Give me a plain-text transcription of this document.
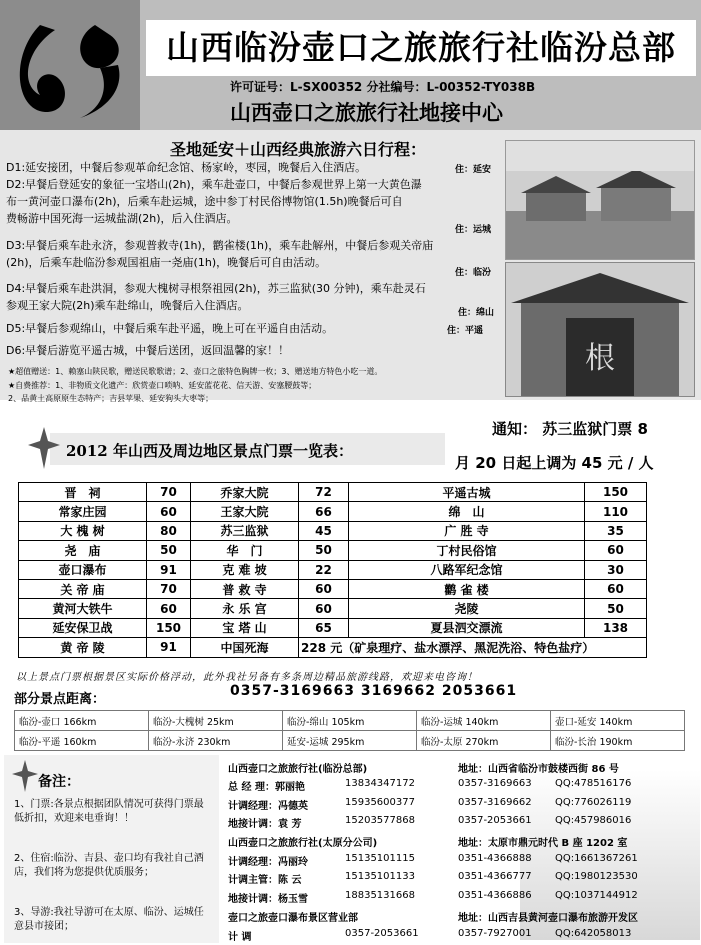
山西临汾壶口之旅旅行社临汾总部
许可证号：L-SX00352 分社编号：L-00352-TY038B
山西壶口之旅旅行社地接中心
圣地延安＋山西经典旅游六日行程：
D1:延安接团，中餐后参观革命纪念馆、杨家岭，枣园，晚餐后入住酒店。
D2:早餐后登延安的象征一宝塔山(2h)，乘车赴壶口，中餐后参观世界上第一大黄色瀑
布一黄河壶口瀑布(2h)，后乘车赴运城，途中参丁村民俗博物馆(1.5h)晚餐后可自
费畅游中国死海一运城盐湖(2h)，后入住酒店。
D3:早餐后乘车赴永济，参观普救寺(1h)，鹳雀楼(1h)，乘车赴解州，中餐后参观关帝庙
(2h)，后乘车赴临汾参观国祖庙一尧庙(1h)，晚餐后可自由活动。
D4:早餐后乘车赴洪洞，参观大槐树寻根祭祖园(2h)，苏三监狱(30 分钟)，乘车赴灵石
参观王家大院(2h)乘车赴绵山，晚餐后入住酒店。
D5:早餐后参观绵山，中餐后乘车赴平遥，晚上可在平遥自由活动。
D6:早餐后游览平遥古城，中餐后送团，返回温馨的家！！
住：延安
住：运城
住：临汾
住：绵山
住：平遥
★超值赠送：1、赖塞山陕民歌，赠送民歌歌谱；2、壶口之旅特色胸牌一枚；3、赠送地方特色小吃一道。
★自费推荐：1、非物质文化遗产：欣赏壶口唢呐、延安蓝花花、信天游、安塞腰鼓等；
2、品黄土高原原生态特产；吉县苹果、延安狗头大枣等；
根
2012 年山西及周边地区景点门票一览表：
通知： 苏三监狱门票 8
月 20 日起上调为 45 元 / 人
晋　祠	70	乔家大院	72	平遥古城	150
常家庄园	60	王家大院	66	绵　山	110
大 槐 树	80	苏三监狱	45	广 胜 寺	35
尧　庙	50	华　门	50	丁村民俗馆	60
壶口瀑布	91	克 难 坡	22	八路军纪念馆	30
关 帝 庙	70	普 救 寺	60	鹳 雀 楼	60
黄河大铁牛	60	永 乐 宫	60	尧陵	50
延安保卫战	150	宝 塔 山	65	夏县泗交漂流	138
黄 帝 陵	91	中国死海	228 元（矿泉理疗、盐水漂浮、黑泥洗浴、特色盐疗）		
以上景点门票根据景区实际价格浮动，此外我社另备有多条周边精品旅游线路，欢迎来电咨询！
部分景点距离：
0357-3169663 3169662 2053661
临汾-壶口 166km	临汾-大槐树 25km	临汾-绵山 105km	临汾-运城 140km	壶口-延安 140km
临汾-平遥 160km	临汾-永济 230km	延安-运城 295km	临汾-太原 270km	临汾-长治 190km
备注：
1、门票:各景点根据团队情况可获得门票最低折扣，欢迎来电垂询！！
2、住宿:临汾、吉县、壶口均有我社自己酒店，我们将为您提供优质服务；
3、导游:我社导游可在太原、临汾、运城任意县市接团；
山西壶口之旅旅行社(临汾总部)	地址：山西省临汾市鼓楼西街 86 号
总 经 理：郭丽艳	13834347172	0357-3169663 QQ:478516176
计调经理：冯德英	15935600377	0357-3169662 QQ:776026119
地接计调：袁 芳	15203577868	0357-2053661 QQ:457986016
山西壶口之旅旅行社(太原分公司)	地址：太原市鼎元时代 B 座 1202 室
计调经理：冯丽玲	15135101115	0351-4366888 QQ:1661367261
计调主管：陈 云	15135101133	0351-4366777 QQ:1980123530
地接计调：杨玉雪	18835131668	0351-4366886 QQ:1037144912
壶口之旅壶口瀑布景区营业部	地址：山西吉县黄河壶口瀑布旅游开发区
计 调	0357-2053661	0357-7927001 QQ:642058013
